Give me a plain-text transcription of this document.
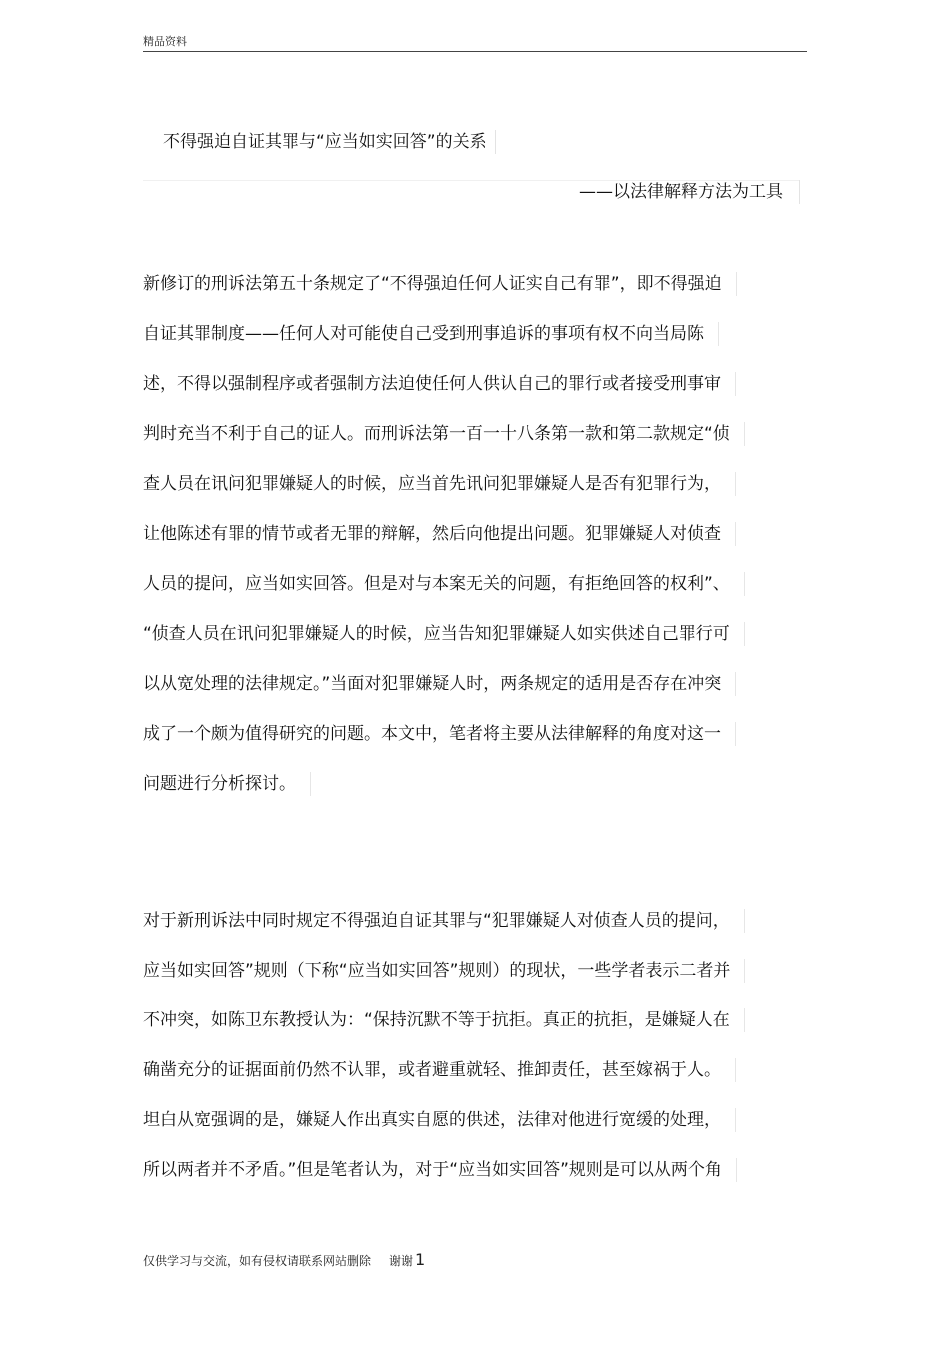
精品资料
不得强迫自证其罪与“应当如实回答”的关系
——以法律解释方法为工具
新修订的刑诉法第五十条规定了“不得强迫任何人证实自己有罪”，即不得强迫
自证其罪制度——任何人对可能使自己受到刑事追诉的事项有权不向当局陈
述，不得以强制程序或者强制方法迫使任何人供认自己的罪行或者接受刑事审
判时充当不利于自己的证人。而刑诉法第一百一十八条第一款和第二款规定“侦
查人员在讯问犯罪嫌疑人的时候，应当首先讯问犯罪嫌疑人是否有犯罪行为，
让他陈述有罪的情节或者无罪的辩解，然后向他提出问题。犯罪嫌疑人对侦查
人员的提问，应当如实回答。但是对与本案无关的问题，有拒绝回答的权利”、
“侦查人员在讯问犯罪嫌疑人的时候，应当告知犯罪嫌疑人如实供述自己罪行可
以从宽处理的法律规定。”当面对犯罪嫌疑人时，两条规定的适用是否存在冲突
成了一个颇为值得研究的问题。本文中，笔者将主要从法律解释的角度对这一
问题进行分析探讨。
对于新刑诉法中同时规定不得强迫自证其罪与“犯罪嫌疑人对侦查人员的提问，
应当如实回答”规则（下称“应当如实回答”规则）的现状，一些学者表示二者并
不冲突，如陈卫东教授认为：“保持沉默不等于抗拒。真正的抗拒，是嫌疑人在
确凿充分的证据面前仍然不认罪，或者避重就轻、推卸责任，甚至嫁祸于人。
坦白从宽强调的是，嫌疑人作出真实自愿的供述，法律对他进行宽缓的处理，
所以两者并不矛盾。”但是笔者认为，对于“应当如实回答”规则是可以从两个角
仅供学习与交流，如有侵权请联系网站删除 谢谢 1
